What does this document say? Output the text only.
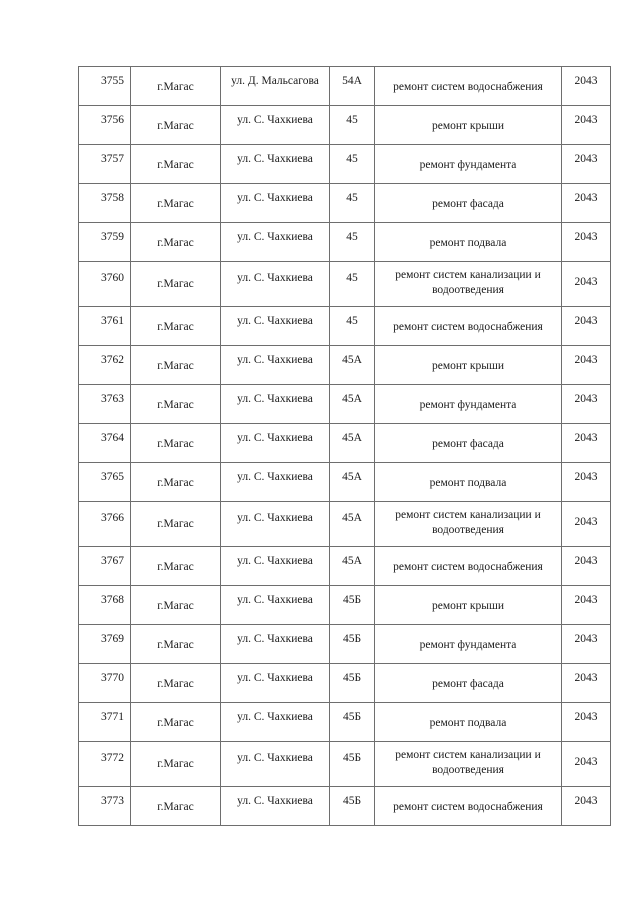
3755	г.Магас	ул. Д. Мальсагова	54А	ремонт систем водоснабжения	2043

3756	г.Магас	ул. С. Чахкиева	45	ремонт крыши	2043

3757	г.Магас	ул. С. Чахкиева	45	ремонт фундамента	2043

3758	г.Магас	ул. С. Чахкиева	45	ремонт фасада	2043

3759	г.Магас	ул. С. Чахкиева	45	ремонт подвала	2043

3760	г.Магас	ул. С. Чахкиева	45	ремонт систем канализации и водоотведения	2043

3761	г.Магас	ул. С. Чахкиева	45	ремонт систем водоснабжения	2043

3762	г.Магас	ул. С. Чахкиева	45А	ремонт крыши	2043

3763	г.Магас	ул. С. Чахкиева	45А	ремонт фундамента	2043

3764	г.Магас	ул. С. Чахкиева	45А	ремонт фасада	2043

3765	г.Магас	ул. С. Чахкиева	45А	ремонт подвала	2043

3766	г.Магас	ул. С. Чахкиева	45А	ремонт систем канализации и водоотведения	2043

3767	г.Магас	ул. С. Чахкиева	45А	ремонт систем водоснабжения	2043

3768	г.Магас	ул. С. Чахкиева	45Б	ремонт крыши	2043

3769	г.Магас	ул. С. Чахкиева	45Б	ремонт фундамента	2043

3770	г.Магас	ул. С. Чахкиева	45Б	ремонт фасада	2043

3771	г.Магас	ул. С. Чахкиева	45Б	ремонт подвала	2043

3772	г.Магас	ул. С. Чахкиева	45Б	ремонт систем канализации и водоотведения	2043

3773	г.Магас	ул. С. Чахкиева	45Б	ремонт систем водоснабжения	2043
